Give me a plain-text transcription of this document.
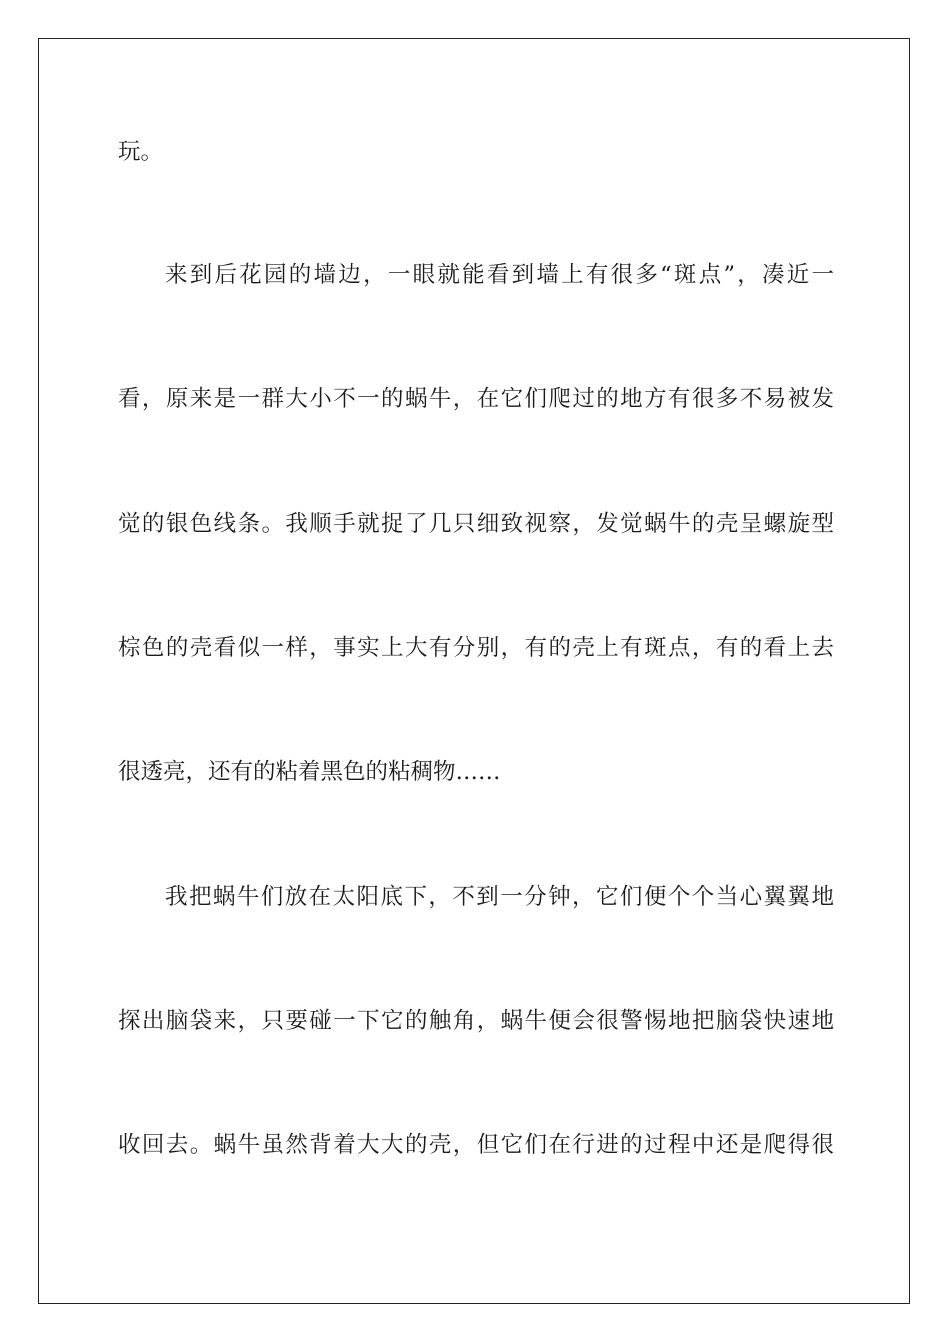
玩。
来到后花园的墙边，一眼就能看到墙上有很多“斑点”，凑近一
看，原来是一群大小不一的蜗牛，在它们爬过的地方有很多不易被发
觉的银色线条。我顺手就捉了几只细致视察，发觉蜗牛的壳呈螺旋型
棕色的壳看似一样，事实上大有分别，有的壳上有斑点，有的看上去
很透亮，还有的粘着黑色的粘稠物……
我把蜗牛们放在太阳底下，不到一分钟，它们便个个当心翼翼地
探出脑袋来，只要碰一下它的触角，蜗牛便会很警惕地把脑袋快速地
收回去。蜗牛虽然背着大大的壳，但它们在行进的过程中还是爬得很
